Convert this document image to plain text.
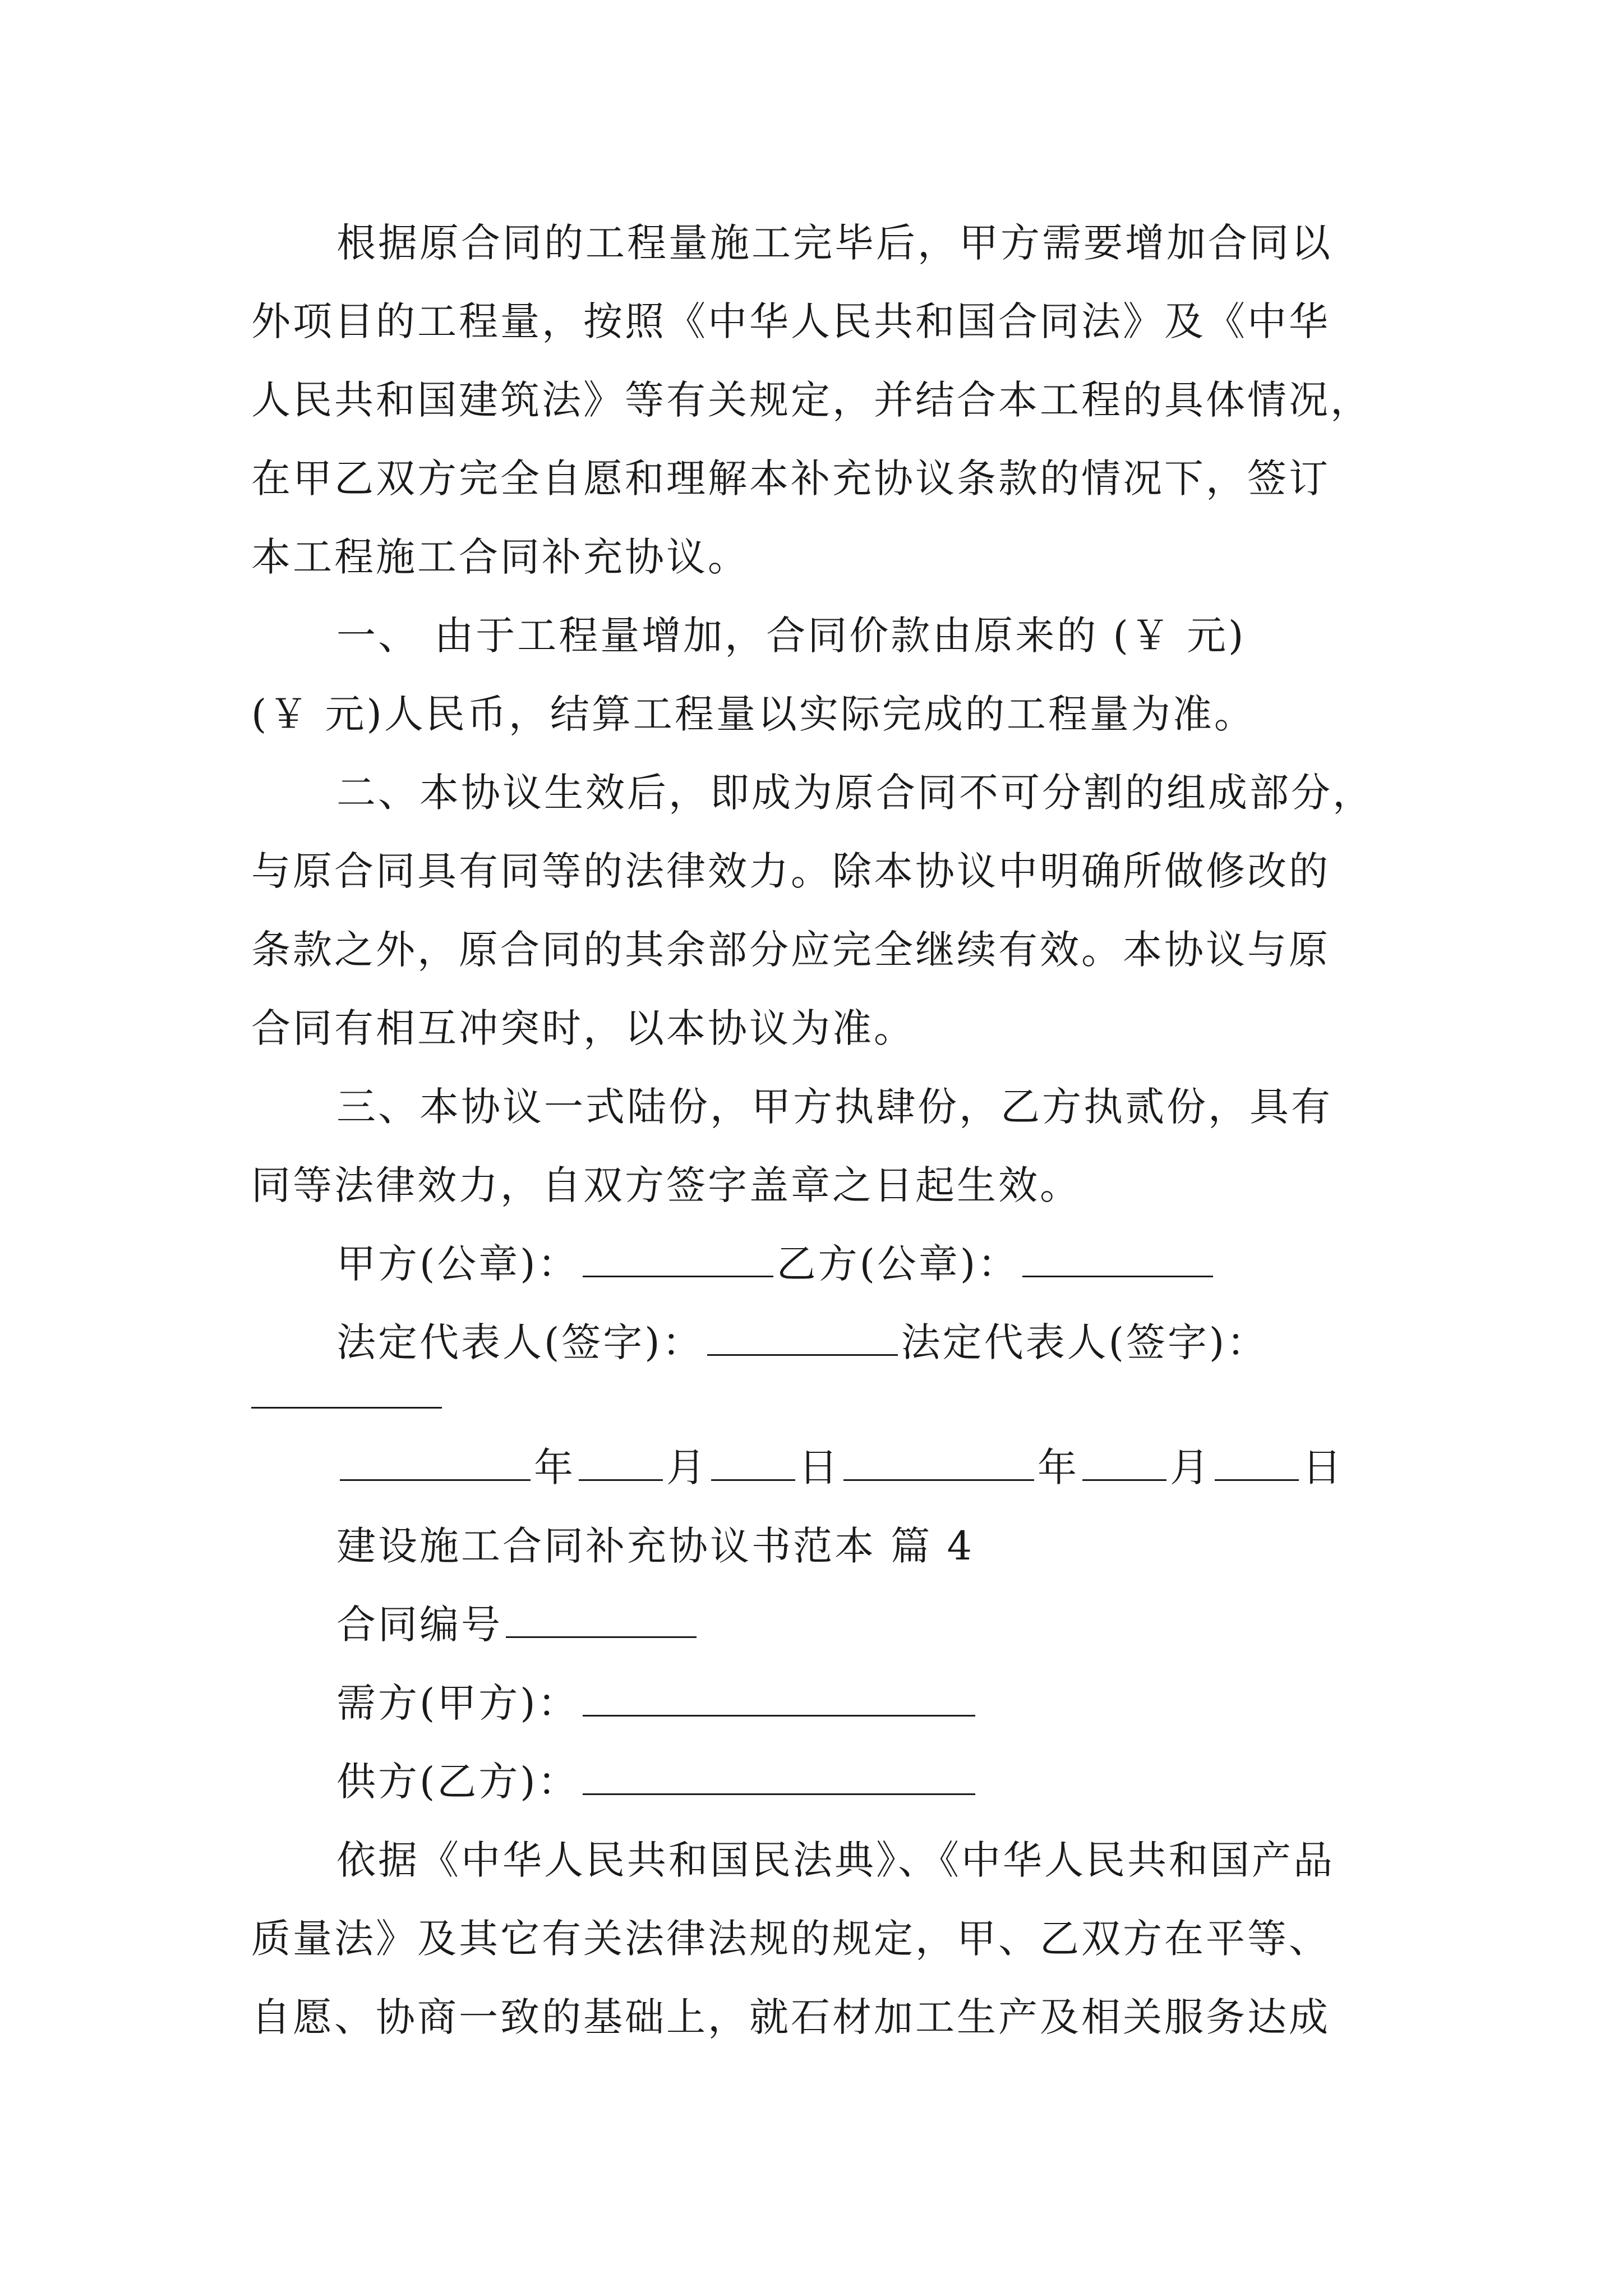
根据原合同的工程量施工完毕后，甲方需要增加合同以
外项目的工程量，按照《中华人民共和国合同法》及《中华
人民共和国建筑法》等有关规定，并结合本工程的具体情况，
在甲乙双方完全自愿和理解本补充协议条款的情况下，签订
本工程施工合同补充协议。
一、 由于工程量增加，合同价款由原来的 (￥ 元)
(￥ 元)人民币，结算工程量以实际完成的工程量为准。
二、本协议生效后，即成为原合同不可分割的组成部分，
与原合同具有同等的法律效力。除本协议中明确所做修改的
条款之外，原合同的其余部分应完全继续有效。本协议与原
合同有相互冲突时，以本协议为准。
三、本协议一式陆份，甲方执肆份，乙方执贰份，具有
同等法律效力，自双方签字盖章之日起生效。
甲方(公章)：	乙方(公章)：
法定代表人(签字)：	法定代表人(签字)：
年 月 日	年 月 日
建设施工合同补充协议书范本 篇 4
合同编号
需方(甲方)：
供方(乙方)：
依据《中华人民共和国民法典》、《中华人民共和国产品
质量法》及其它有关法律法规的规定，甲、乙双方在平等、
自愿、协商一致的基础上，就石材加工生产及相关服务达成
